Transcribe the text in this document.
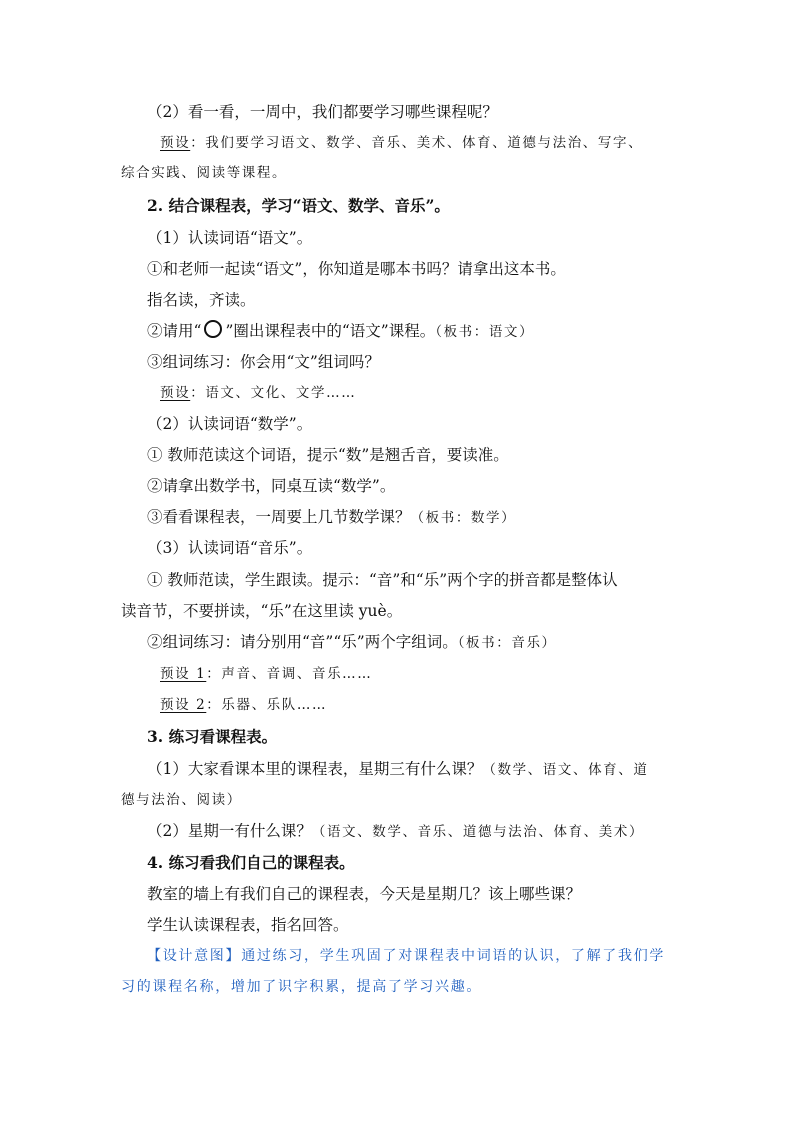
（2）看一看，一周中，我们都要学习哪些课程呢？
预设：我们要学习语文、数学、音乐、美术、体育、道德与法治、写字、
综合实践、阅读等课程。
2. 结合课程表，学习“语文、数学、音乐”。
（1）认读词语“语文”。
①和老师一起读“语文”，你知道是哪本书吗？请拿出这本书。
指名读，齐读。
②请用“ ”圈出课程表中的“语文”课程。（板书：语文）
③组词练习：你会用“文”组词吗？
预设：语文、文化、文学……
（2）认读词语“数学”。
① 教师范读这个词语，提示“数”是翘舌音，要读准。
②请拿出数学书，同桌互读“数学”。
③看看课程表，一周要上几节数学课？（板书：数学）
（3）认读词语“音乐”。
① 教师范读，学生跟读。提示：“音”和“乐”两个字的拼音都是整体认
读音节，不要拼读，“乐”在这里读 yuè。
②组词练习：请分别用“音”“乐”两个字组词。（板书：音乐）
预设 1：声音、音调、音乐……
预设 2：乐器、乐队……
3. 练习看课程表。
（1）大家看课本里的课程表，星期三有什么课？（数学、语文、体育、道
德与法治、阅读）
（2）星期一有什么课？（语文、数学、音乐、道德与法治、体育、美术）
4. 练习看我们自己的课程表。
教室的墙上有我们自己的课程表，今天是星期几？该上哪些课？
学生认读课程表，指名回答。
【设计意图】通过练习，学生巩固了对课程表中词语的认识，了解了我们学
习的课程名称，增加了识字积累，提高了学习兴趣。
